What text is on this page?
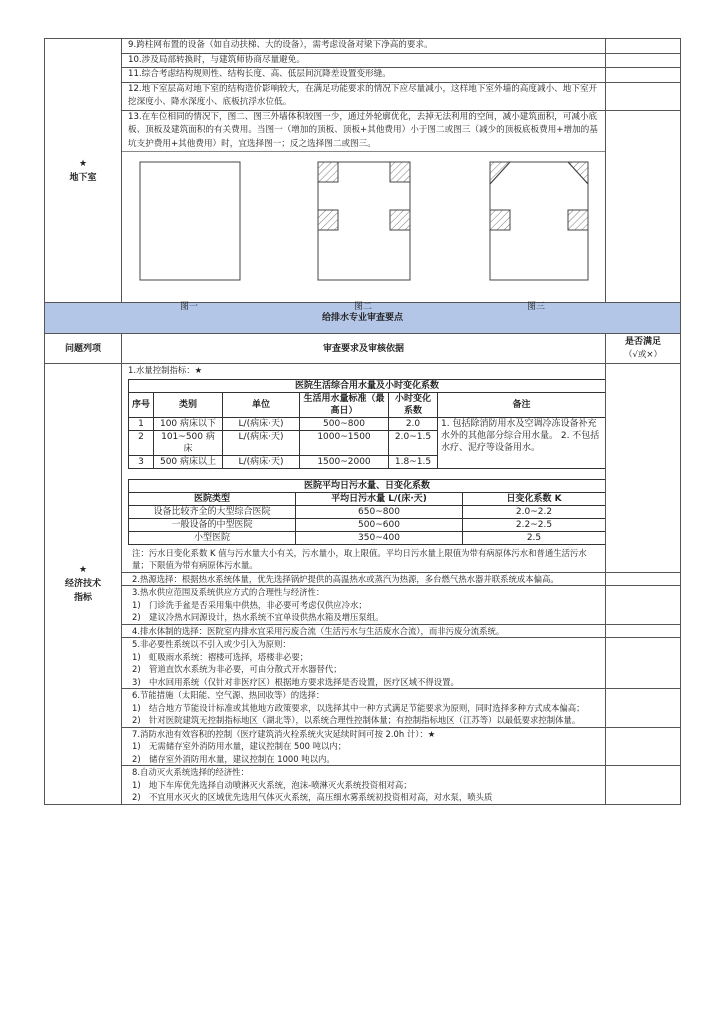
★
地下室

9.跨柱网布置的设备（如自动扶梯、大的设备），需考虑设备对梁下净高的要求。

10.涉及局部转换时，与建筑师协商尽量避免。

11.综合考虑结构规则性、结构长度、高、低层间沉降差设置变形缝。

12.地下室层高对地下室的结构造价影响较大，在满足功能要求的情况下应尽量减小，这样地下室外墙的高度减小、地下室开挖深度小、降水深度小、底板抗浮水位低。

13.在车位相同的情况下，图二、图三外墙体积较图一少，通过外轮廓优化，去掉无法利用的空间，减小建筑面积，可减小底板、顶板及建筑面积的有关费用。当图一（增加的顶板、顶板+其他费用）小于图二或图三（减少的顶板底板费用+增加的基坑支护费用+其他费用）时，宜选择图一；反之选择图二或图三。
图一	图二	图三

给排水专业审查要点
问题列项	审查要求及审核依据	
是否满足
（√或×）

★
经济技术
指标

1.水量控制指标：★
医院生活综合用水量及小时变化系数
序号	类别	单位	生活用水量标准（最高日）	小时变化系数	备注
1	100 病床以下	L/(病床·天)	500~800	2.0	1. 包括除消防用水及空调冷冻设备补充水外的其他部分综合用水量。 2. 不包括水疗、泥疗等设备用水。
2	101~500 病床	L/(病床·天)	1000~1500	2.0~1.5
3	500 病床以上	L/(病床·天)	1500~2000	1.8~1.5
医院平均日污水量、日变化系数
医院类型	平均日污水量 L/(床·天)	日变化系数 K
设备比较齐全的大型综合医院	650~800	2.0~2.2
一般设备的中型医院	500~600	2.2~2.5
小型医院	350~400	2.5
注：污水日变化系数 K 值与污水量大小有关，污水量小，取上限值。平均日污水量上限值为带有病原体污水和普通生活污水量；下限值为带有病原体污水量。

2.热源选择：根据热水系统体量，优先选择锅炉提供的高温热水或蒸汽为热源，多台燃气热水器并联系统成本偏高。

3.热水供应范围及系统供应方式的合理性与经济性：
1)　门诊洗手盆是否采用集中供热，非必要可考虑仅供应冷水；
2)　建议冷热水同源设计，热水系统不宜单设供热水箱及增压泵组。

4.排水体制的选择：医院室内排水宜采用污废合流（生活污水与生活废水合流），而非污废分流系统。

5.非必要性系统以不引入或少引入为原则：
1)　虹吸雨水系统：褶楼可选择，塔楼非必要；
2)　管道直饮水系统为非必要，可由分散式开水器替代；
3)　中水回用系统（仅针对非医疗区）根据地方要求选择是否设置，医疗区域不得设置。

6.节能措施（太阳能、空气源、热回收等）的选择：
1)　结合地方节能设计标准或其他地方政策要求，以选择其中一种方式满足节能要求为原则，同时选择多种方式成本偏高；
2)　针对医院建筑无控制指标地区（湖北等），以系统合理性控制体量；有控制指标地区（江苏等）以最低要求控制体量。

7.消防水池有效容积的控制（医疗建筑消火栓系统火灾延续时间可按 2.0h 计）：★
1)　无需储存室外消防用水量，建议控制在 500 吨以内；
2)　储存室外消防用水量，建议控制在 1000 吨以内。

8.自动灭火系统选择的经济性：
1)　地下车库优先选择自动喷淋灭火系统，泡沫-喷淋灭火系统投资相对高；
2)　不宜用水灭火的区域优先选用气体灭火系统，高压细水雾系统初投资相对高，对水泵，喷头质
